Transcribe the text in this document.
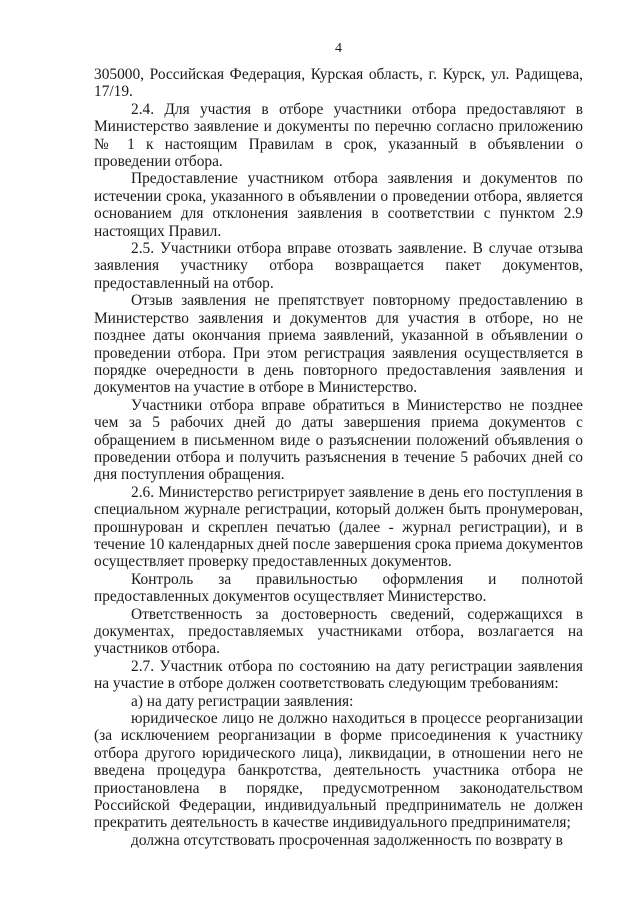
4

305000, Российская Федерация, Курская область, г. Курск, ул. Радищева, 17/19.

2.4. Для участия в отборе участники отбора предоставляют в Министерство заявление и документы по перечню согласно приложению № 1 к настоящим Правилам в срок, указанный в объявлении о проведении отбора.

Предоставление участником отбора заявления и документов по истечении срока, указанного в объявлении о проведении отбора, является основанием для отклонения заявления в соответствии с пунктом 2.9 настоящих Правил.

2.5. Участники отбора вправе отозвать заявление. В случае отзыва заявления участнику отбора возвращается пакет документов, предоставленный на отбор.

Отзыв заявления не препятствует повторному предоставлению в Министерство заявления и документов для участия в отборе, но не позднее даты окончания приема заявлений, указанной в объявлении о проведении отбора. При этом регистрация заявления осуществляется в порядке очередности в день повторного предоставления заявления и документов на участие в отборе в Министерство.

Участники отбора вправе обратиться в Министерство не позднее чем за 5 рабочих дней до даты завершения приема документов с обращением в письменном виде о разъяснении положений объявления о проведении отбора и получить разъяснения в течение 5 рабочих дней со дня поступления обращения.

2.6. Министерство регистрирует заявление в день его поступления в специальном журнале регистрации, который должен быть пронумерован, прошнурован и скреплен печатью (далее - журнал регистрации), и в течение 10 календарных дней после завершения срока приема документов осуществляет проверку предоставленных документов.

Контроль за правильностью оформления и полнотой предоставленных документов осуществляет Министерство.

Ответственность за достоверность сведений, содержащихся в документах, предоставляемых участниками отбора, возлагается на участников отбора.

2.7. Участник отбора по состоянию на дату регистрации заявления на участие в отборе должен соответствовать следующим требованиям:

а) на дату регистрации заявления:

юридическое лицо не должно находиться в процессе реорганизации (за исключением реорганизации в форме присоединения к участнику отбора другого юридического лица), ликвидации, в отношении него не введена процедура банкротства, деятельность участника отбора не приостановлена в порядке, предусмотренном законодательством Российской Федерации, индивидуальный предприниматель не должен прекратить деятельность в качестве индивидуального предпринимателя;

должна отсутствовать просроченная задолженность по возврату в
